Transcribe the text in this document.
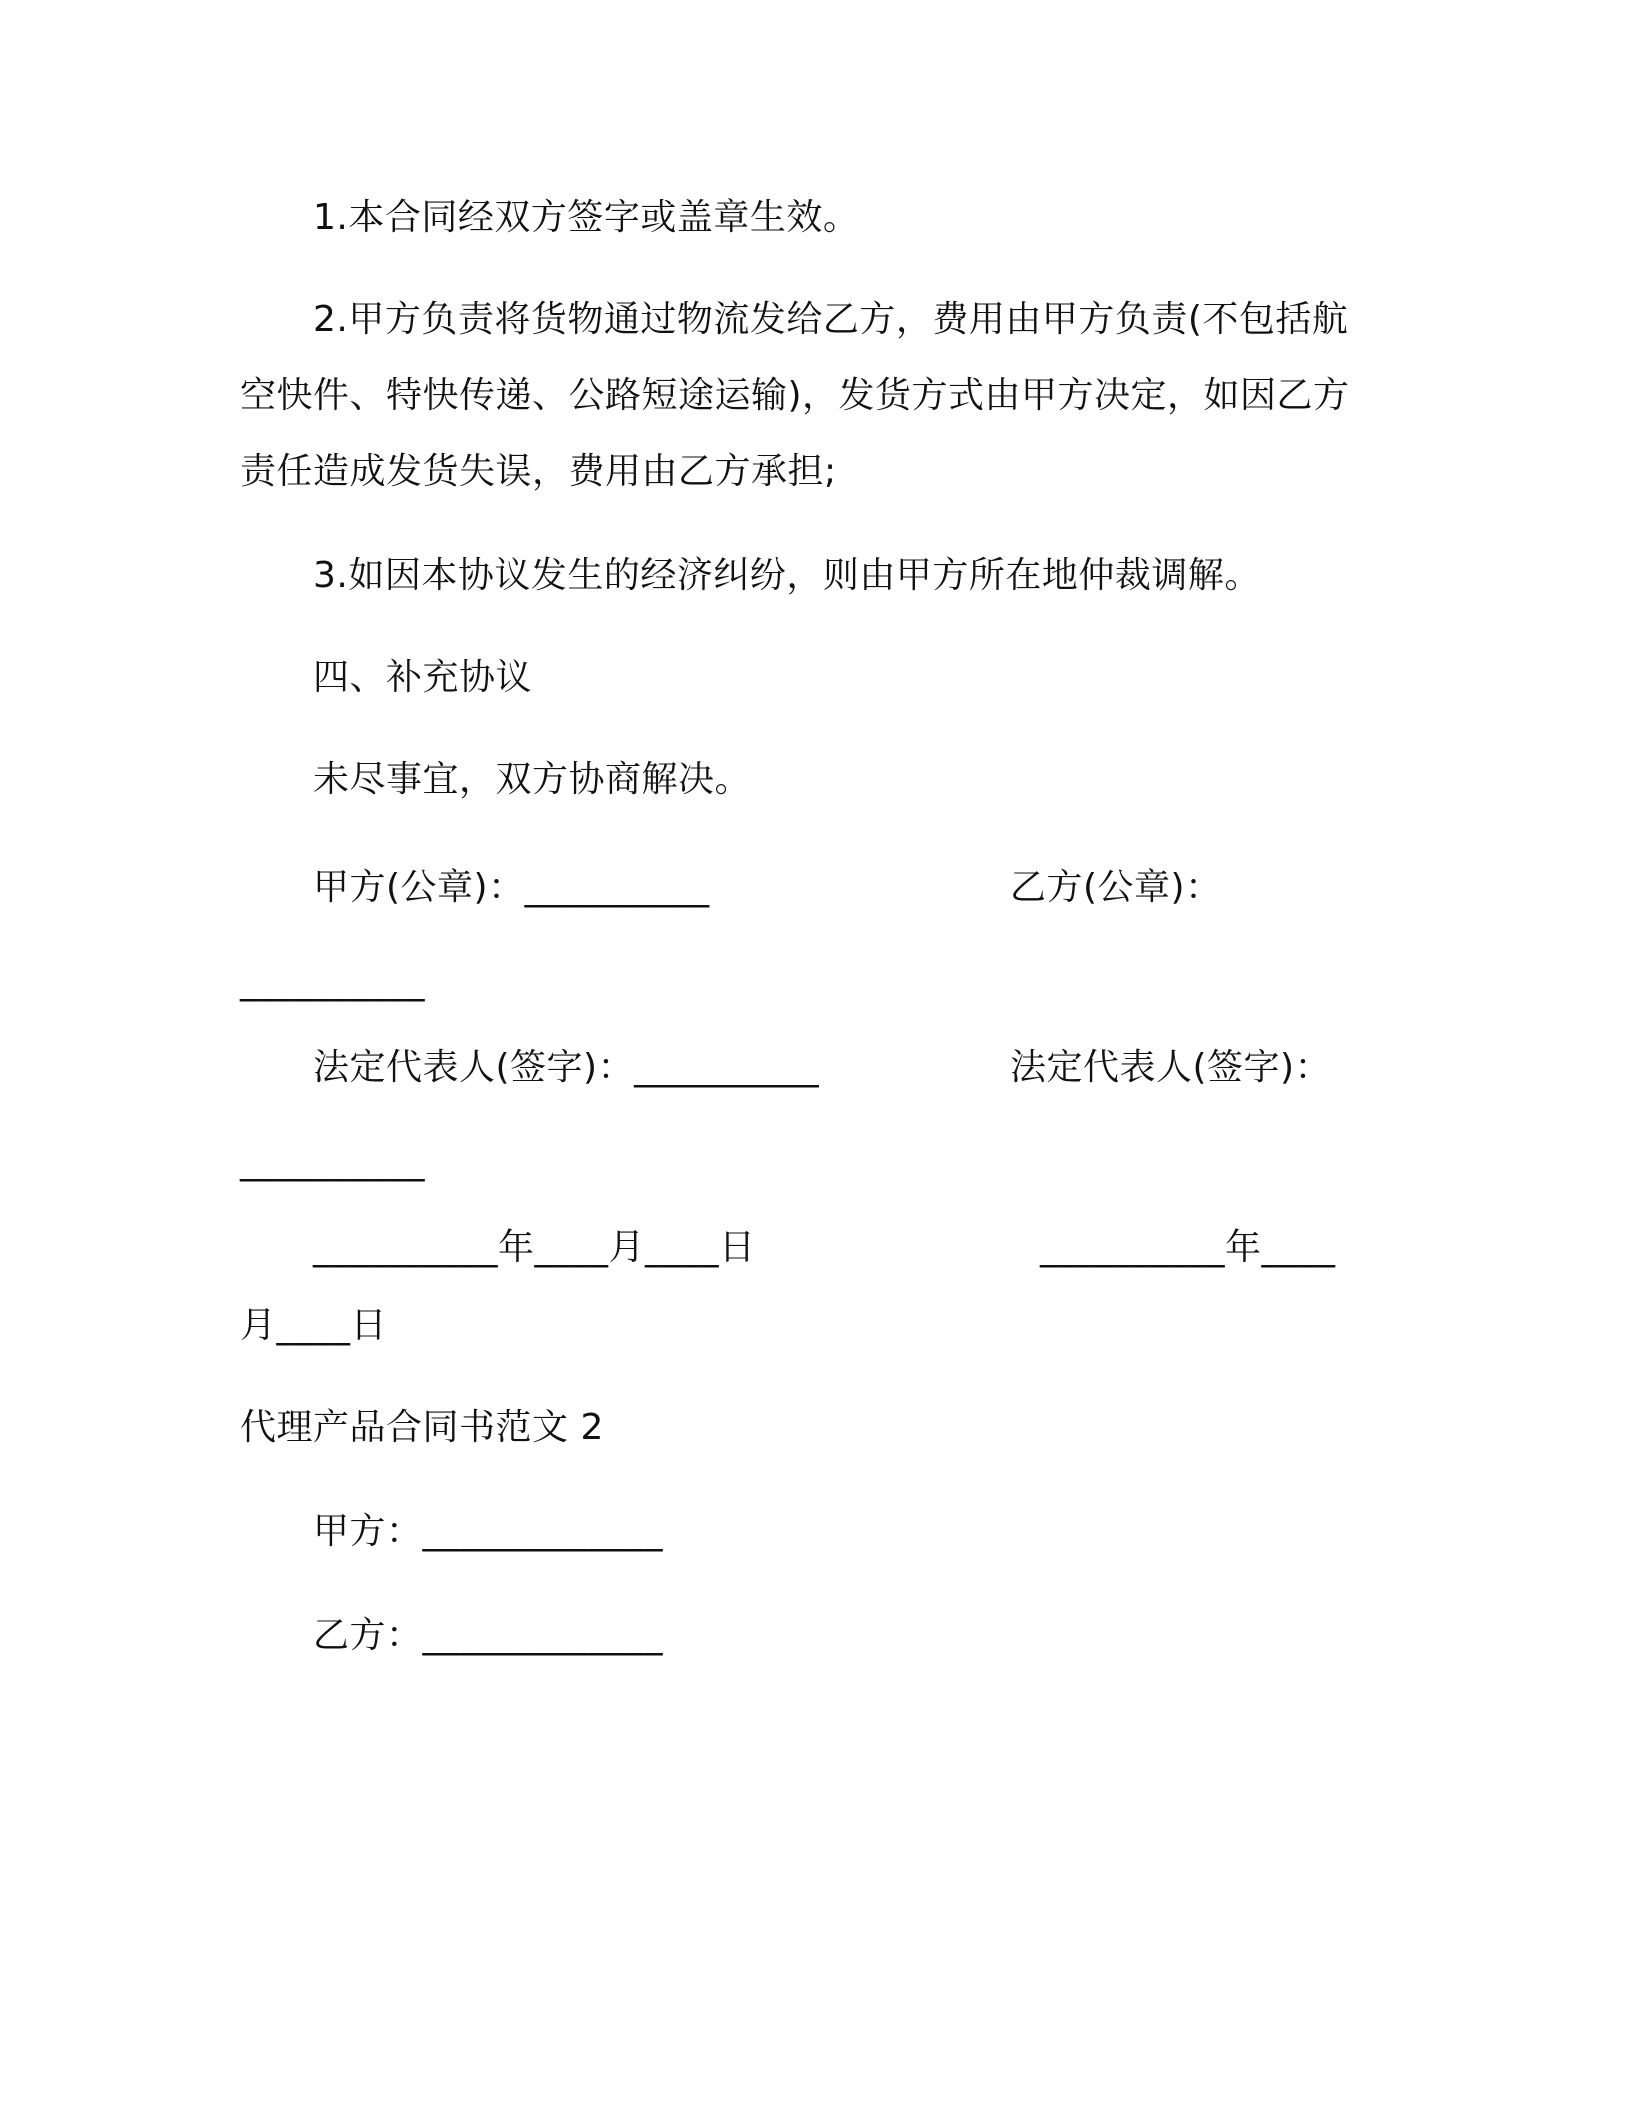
1.本合同经双方签字或盖章生效。
2.甲方负责将货物通过物流发给乙方，费用由甲方负责(不包括航
空快件、特快传递、公路短途运输)，发货方式由甲方决定，如因乙方
责任造成发货失误，费用由乙方承担;
3.如因本协议发生的经济纠纷，则由甲方所在地仲裁调解。
四、补充协议
未尽事宜，双方协商解决。
甲方(公章)：__________	乙方(公章)：
__________
法定代表人(签字)：__________	法定代表人(签字)：
__________
__________年____月____日	__________年____
月____日
代理产品合同书范文 2
甲方：_____________
乙方：_____________
